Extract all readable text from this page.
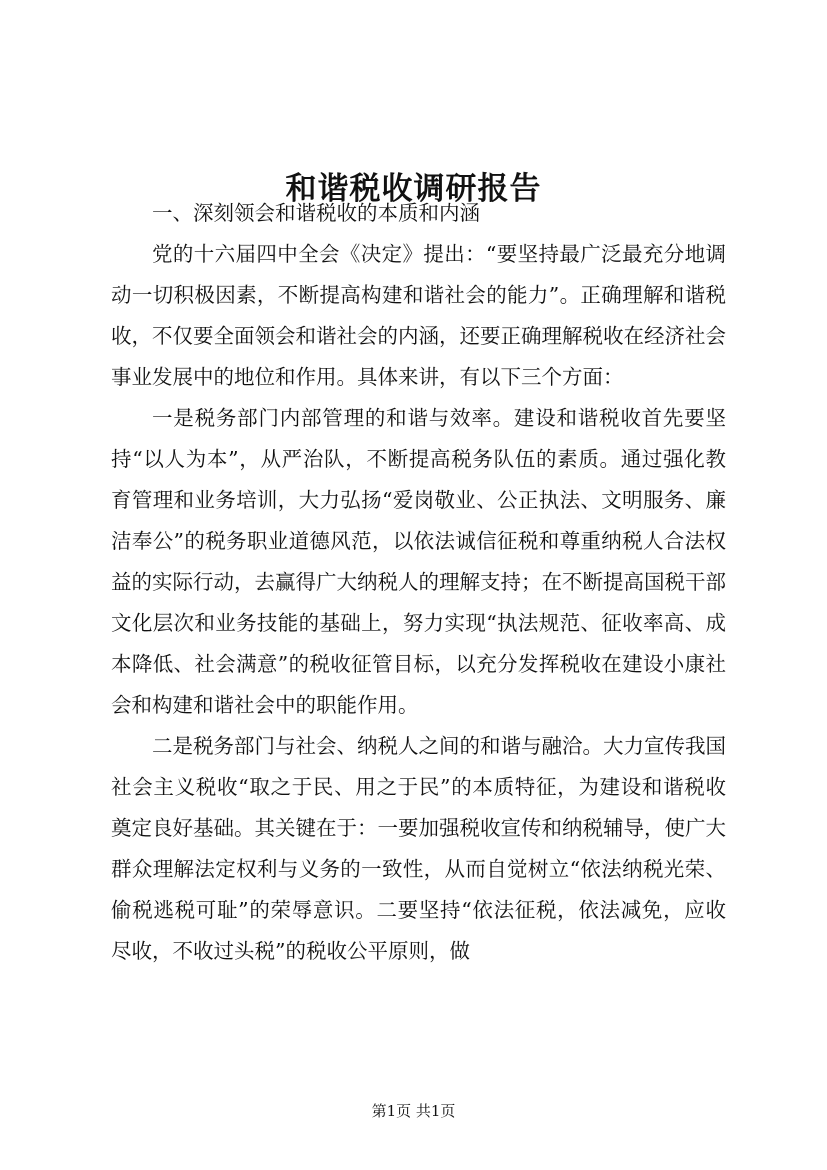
和谐税收调研报告

一、深刻领会和谐税收的本质和内涵

党的十六届四中全会《决定》提出：“要坚持最广泛最充分地调动一切积极因素，不断提高构建和谐社会的能力”。正确理解和谐税收，不仅要全面领会和谐社会的内涵，还要正确理解税收在经济社会事业发展中的地位和作用。具体来讲，有以下三个方面：

一是税务部门内部管理的和谐与效率。建设和谐税收首先要坚持“以人为本”，从严治队，不断提高税务队伍的素质。通过强化教育管理和业务培训，大力弘扬“爱岗敬业、公正执法、文明服务、廉洁奉公”的税务职业道德风范，以依法诚信征税和尊重纳税人合法权益的实际行动，去赢得广大纳税人的理解支持；在不断提高国税干部文化层次和业务技能的基础上，努力实现“执法规范、征收率高、成本降低、社会满意”的税收征管目标，以充分发挥税收在建设小康社会和构建和谐社会中的职能作用。

二是税务部门与社会、纳税人之间的和谐与融洽。大力宣传我国社会主义税收“取之于民、用之于民”的本质特征，为建设和谐税收奠定良好基础。其关键在于：一要加强税收宣传和纳税辅导，使广大群众理解法定权利与义务的一致性，从而自觉树立“依法纳税光荣、偷税逃税可耻”的荣辱意识。二要坚持“依法征税，依法减免，应收尽收，不收过头税”的税收公平原则，做

第1页 共1页
